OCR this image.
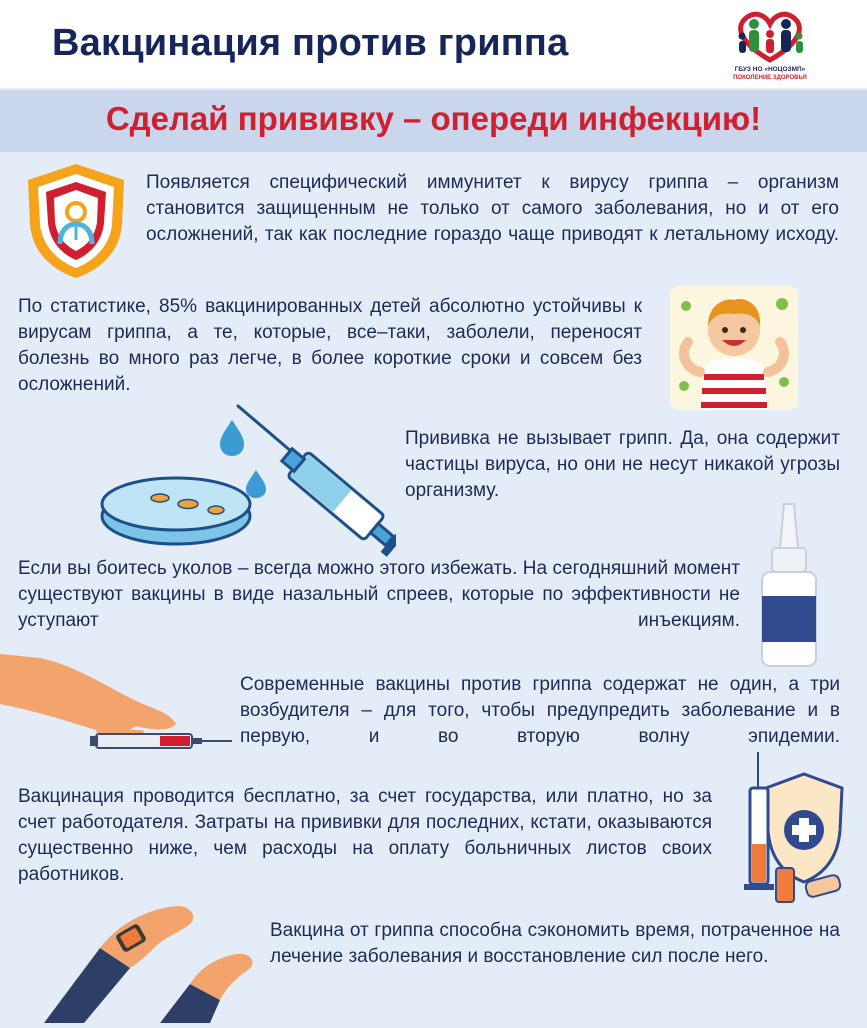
Вакцинация против гриппа
ГБУЗ НО «НОЦОЗМП»
ПОКОЛЕНИЕ ЗДОРОВЬЯ
Сделай прививку – опереди инфекцию!

Появляется специфический иммунитет к вирусу гриппа – организм становится защищенным не только от самого заболевания, но и от его осложнений, так как последние гораздо чаще приводят к летальному исходу.

По статистике, 85% вакцинированных детей абсолютно устойчивы к вирусам гриппа, а те, которые, все–таки, заболели, переносят болезнь во много раз легче, в более короткие сроки и совсем без осложнений.

Прививка не вызывает грипп. Да, она содержит частицы вируса, но они не несут никакой угрозы организму.

Если вы боитесь уколов – всегда можно этого избежать. На сегодняшний момент существуют вакцины в виде назальный спреев, которые по эффективности не уступают инъекциям.

Современные вакцины против гриппа содержат не один, а три возбудителя – для того, чтобы предупредить заболевание и в первую, и во вторую волну эпидемии.

Вакцинация проводится бесплатно, за счет государства, или платно, но за счет работодателя. Затраты на прививки для последних, кстати, оказываются существенно ниже, чем расходы на оплату больничных листов своих работников.

Вакцина от гриппа способна сэкономить время, потраченное на лечение заболевания и восстановление сил после него.
